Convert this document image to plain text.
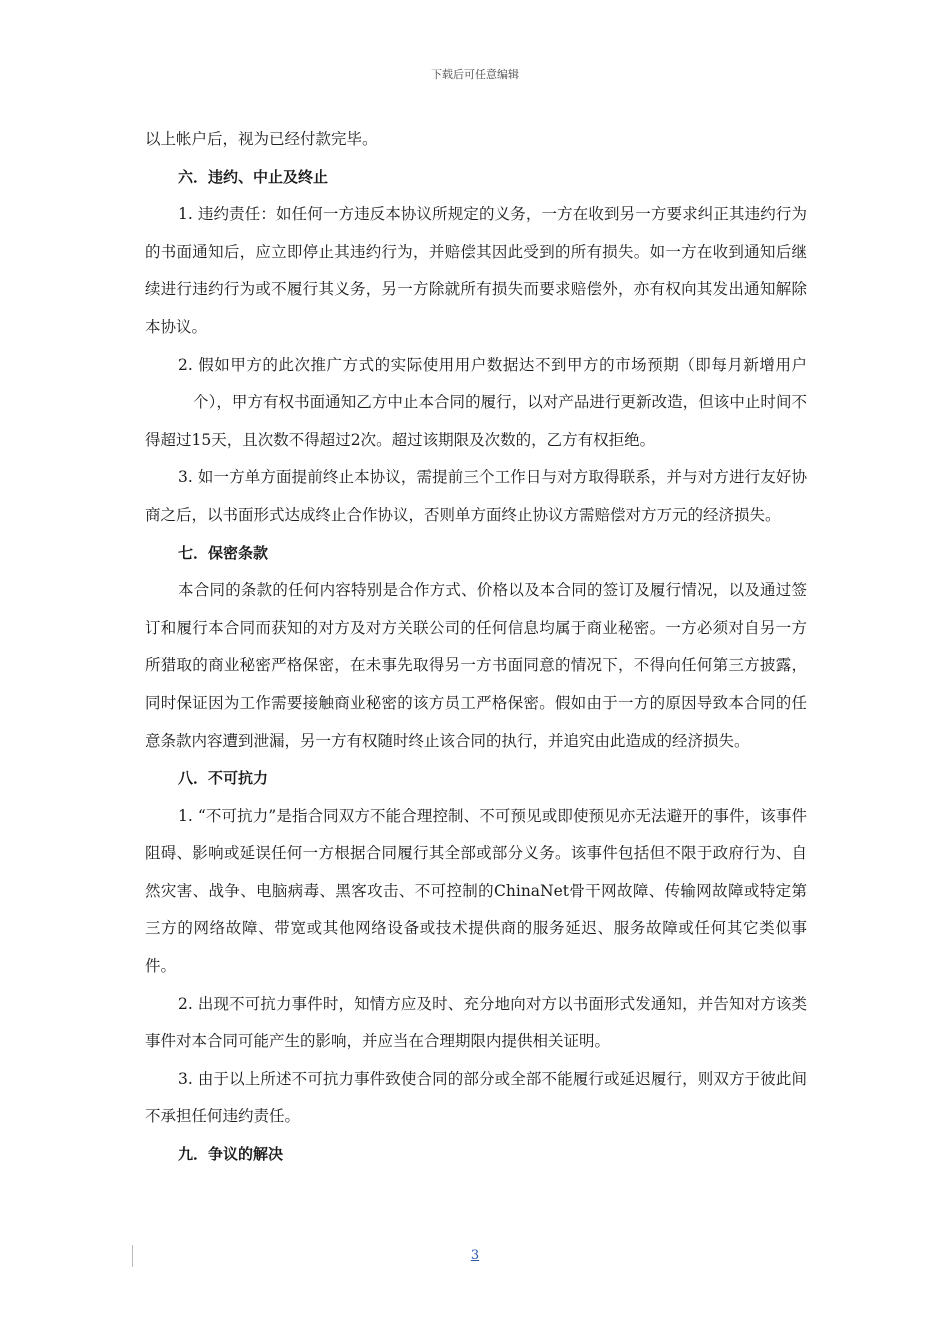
下载后可任意编辑

以上帐户后，视为已经付款完毕。

六．违约、中止及终止

1. 违约责任：如任何一方违反本协议所规定的义务，一方在收到另一方要求纠正其违约行为的书面通知后，应立即停止其违约行为，并赔偿其因此受到的所有损失。如一方在收到通知后继续进行违约行为或不履行其义务，另一方除就所有损失而要求赔偿外，亦有权向其发出通知解除本协议。

2. 假如甲方的此次推广方式的实际使用用户数据达不到甲方的市场预期（即每月新增用户个），甲方有权书面通知乙方中止本合同的履行，以对产品进行更新改造，但该中止时间不得超过15天，且次数不得超过2次。超过该期限及次数的，乙方有权拒绝。

3. 如一方单方面提前终止本协议，需提前三个工作日与对方取得联系，并与对方进行友好协商之后，以书面形式达成终止合作协议，否则单方面终止协议方需赔偿对方万元的经济损失。

七．保密条款

本合同的条款的任何内容特别是合作方式、价格以及本合同的签订及履行情况，以及通过签订和履行本合同而获知的对方及对方关联公司的任何信息均属于商业秘密。一方必须对自另一方所猎取的商业秘密严格保密，在未事先取得另一方书面同意的情况下，不得向任何第三方披露，同时保证因为工作需要接触商业秘密的该方员工严格保密。假如由于一方的原因导致本合同的任意条款内容遭到泄漏，另一方有权随时终止该合同的执行，并追究由此造成的经济损失。

八．不可抗力

1. “不可抗力”是指合同双方不能合理控制、不可预见或即使预见亦无法避开的事件，该事件阻碍、影响或延误任何一方根据合同履行其全部或部分义务。该事件包括但不限于政府行为、自然灾害、战争、电脑病毒、黑客攻击、不可控制的ChinaNet骨干网故障、传输网故障或特定第三方的网络故障、带宽或其他网络设备或技术提供商的服务延迟、服务故障或任何其它类似事件。

2. 出现不可抗力事件时，知情方应及时、充分地向对方以书面形式发通知，并告知对方该类事件对本合同可能产生的影响，并应当在合理期限内提供相关证明。

3. 由于以上所述不可抗力事件致使合同的部分或全部不能履行或延迟履行，则双方于彼此间不承担任何违约责任。

九．争议的解决

3
